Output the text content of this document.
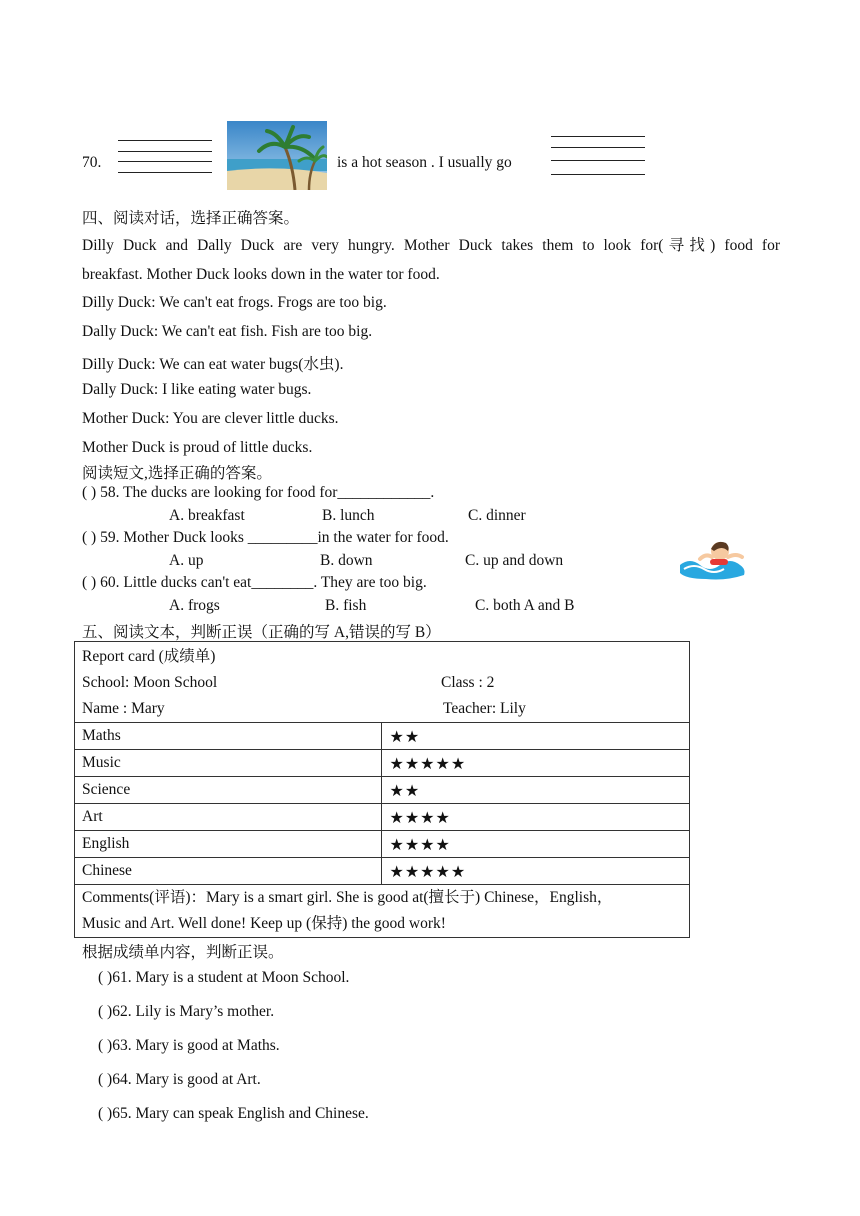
70.	is a hot season . I usually go
四、阅读对话，选择正确答案。
Dilly Duck and Dally Duck are very hungry. Mother Duck takes them to look for(寻找) food for
breakfast. Mother Duck looks down in the water tor food.
Dilly Duck: We can't eat frogs. Frogs are too big.
Dally Duck: We can't eat fish. Fish are too big.
Dilly Duck: We can eat water bugs(水虫).
Dally Duck: I like eating water bugs.
Mother Duck: You are clever little ducks.
Mother Duck is proud of little ducks.
阅读短文,选择正确的答案。
( ) 58. The ducks are looking for food for____________.
A. breakfast	B. lunch	C. dinner
( ) 59. Mother Duck looks _________in the water for food.
A. up	B. down	C. up and down
( ) 60. Little ducks can't eat________. They are too big.
A. frogs	B. fish	C. both A and B
五、阅读文本，判断正误（正确的写 A,错误的写 B）
Report card (成绩单)
School: Moon School Class : 2
Name : Mary Teacher: Lily	

Maths	★★
Music	★★★★★
Science	★★
Art	★★★★
English	★★★★
Chinese	★★★★★

Comments(评语)：Mary is a smart girl. She is good at(擅长于) Chinese，English，
Music and Art. Well done! Keep up (保持) the good work!	
根据成绩单内容，判断正误。
( )61. Mary is a student at Moon School.
( )62. Lily is Mary’s mother.
( )63. Mary is good at Maths.
( )64. Mary is good at Art.
( )65. Mary can speak English and Chinese.
